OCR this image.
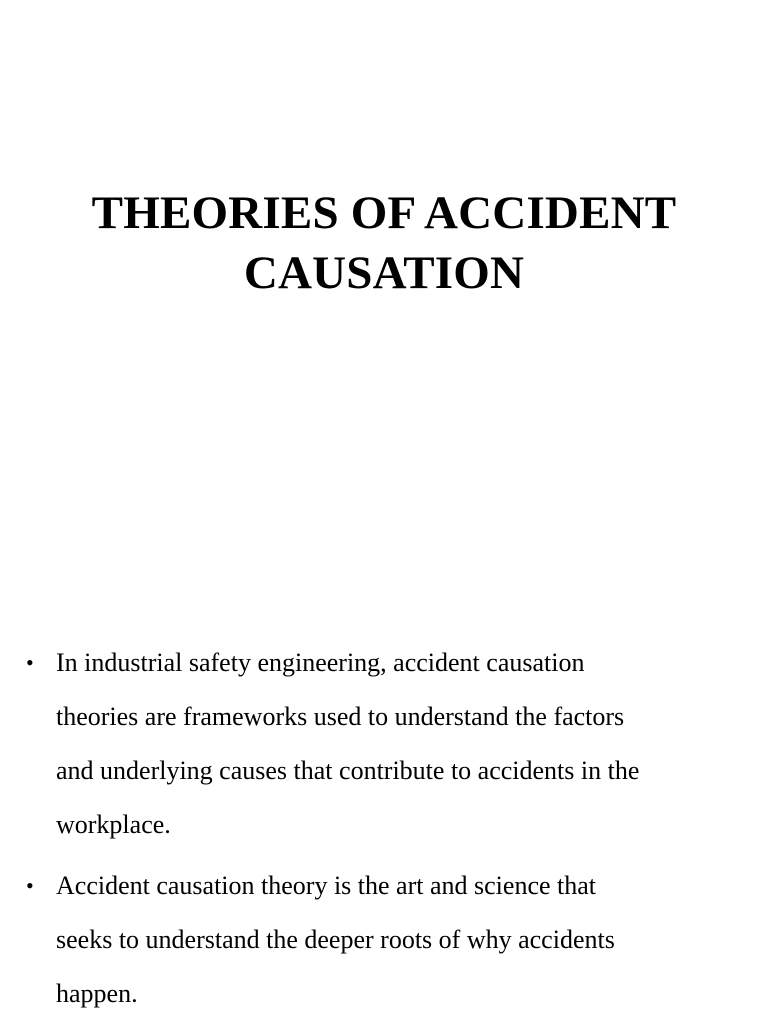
THEORIES OF ACCIDENT
CAUSATION
• In industrial safety engineering, accident causation
theories are frameworks used to understand the factors
and underlying causes that contribute to accidents in the
workplace.
• Accident causation theory is the art and science that
seeks to understand the deeper roots of why accidents
happen.
